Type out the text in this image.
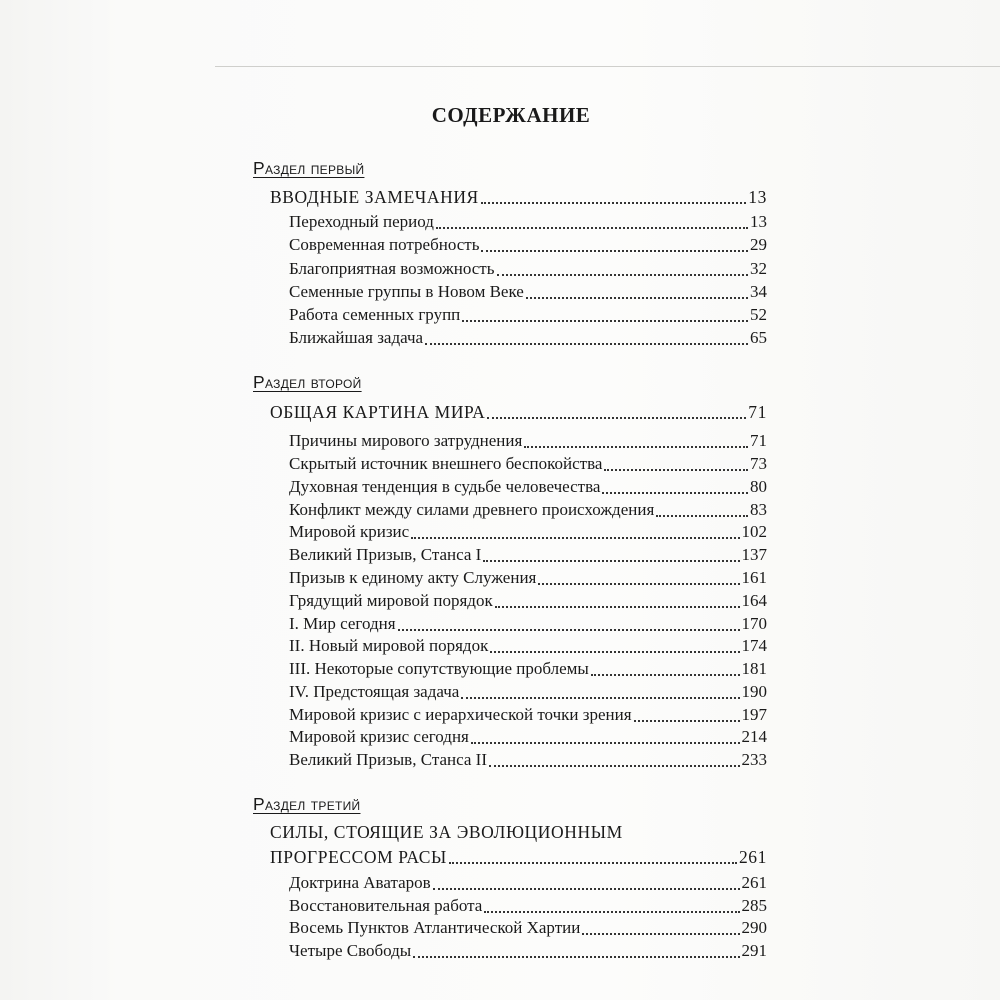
СОДЕРЖАНИЕ
Раздел первый
ВВОДНЫЕ ЗАМЕЧАНИЯ	13
Переходный период	13
Современная потребность	29
Благоприятная возможность	32
Семенные группы в Новом Веке	34
Работа семенных групп	52
Ближайшая задача	65
Раздел второй
ОБЩАЯ КАРТИНА МИРА	71
Причины мирового затруднения	71
Скрытый источник внешнего беспокойства	73
Духовная тенденция в судьбе человечества	80
Конфликт между силами древнего происхождения	83
Мировой кризис	102
Великий Призыв, Станса I	137
Призыв к единому акту Служения	161
Грядущий мировой порядок	164
I. Мир сегодня	170
II. Новый мировой порядок	174
III. Некоторые сопутствующие проблемы	181
IV. Предстоящая задача	190
Мировой кризис с иерархической точки зрения	197
Мировой кризис сегодня	214
Великий Призыв, Станса II	233
Раздел третий
СИЛЫ, СТОЯЩИЕ ЗА ЭВОЛЮЦИОННЫМ
ПРОГРЕССОМ РАСЫ	261
Доктрина Аватаров	261
Восстановительная работа	285
Восемь Пунктов Атлантической Хартии	290
Четыре Свободы	291
